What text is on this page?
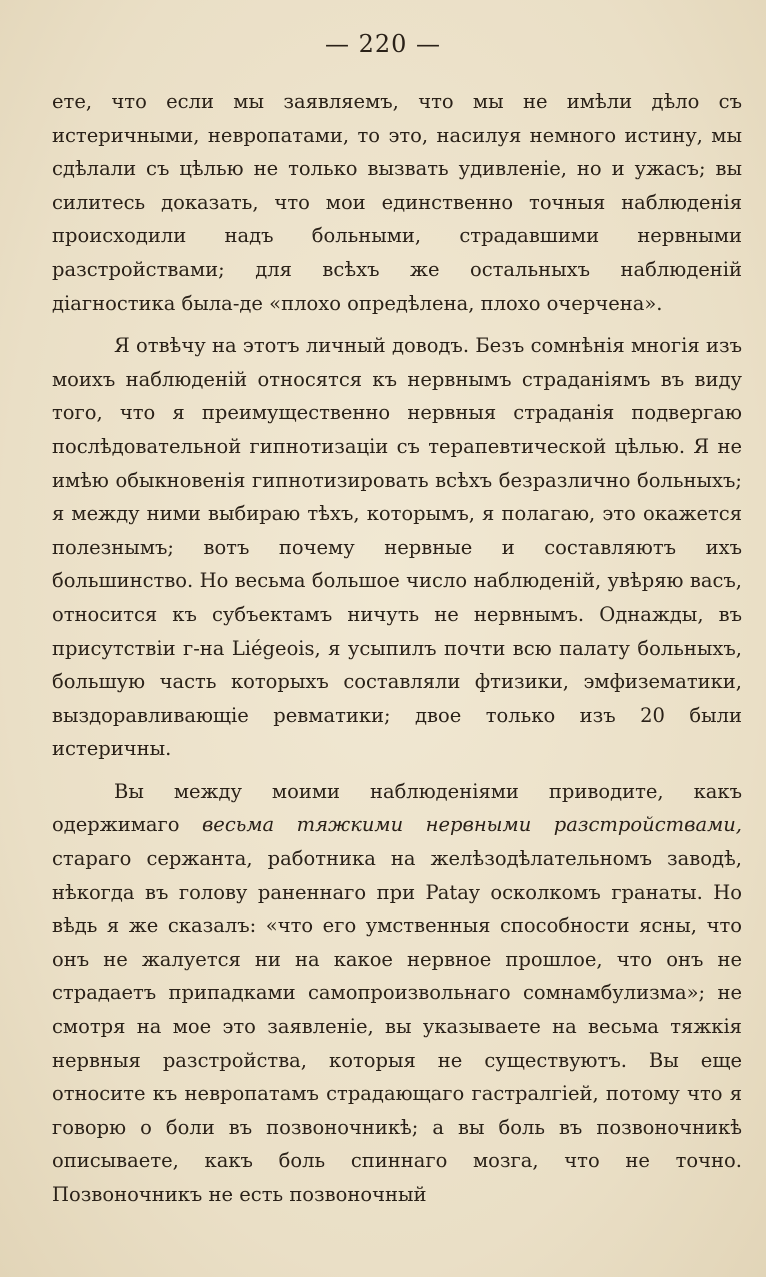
— 220 —

ете, что если мы заявляемъ, что мы не имѣли дѣло съ истеричными, невропатами, то это, насилуя немного истину, мы сдѣлали съ цѣлью не только вызвать удивленіе, но и ужасъ; вы силитесь доказать, что мои единственно точныя наблюденія происходили надъ больными, страдавшими нервными разстройствами; для всѣхъ же остальныхъ наблюденій діагностика была-де «плохо опредѣлена, плохо очерчена».

Я отвѣчу на этотъ личный доводъ. Безъ сомнѣнія многія изъ моихъ наблюденій относятся къ нервнымъ страданіямъ въ виду того, что я преимущественно нервныя страданія подвергаю послѣдовательной гипнотизаціи съ терапевтической цѣлью. Я не имѣю обыкновенія гипнотизировать всѣхъ безразлично больныхъ; я между ними выбираю тѣхъ, которымъ, я полагаю, это окажется полезнымъ; вотъ почему нервные и составляютъ ихъ большинство. Но весьма большое число наблюденій, увѣряю васъ, относится къ субъектамъ ничуть не нервнымъ. Однажды, въ присутствіи г-на Liégeois, я усыпилъ почти всю палату больныхъ, большую часть которыхъ составляли фтизики, эмфизематики, выздоравливающіе ревматики; двое только изъ 20 были истеричны.

Вы между моими наблюденіями приводите, какъ одержимаго весьма тяжкими нервными разстройствами, стараго сержанта, работника на желѣзодѣлательномъ заводѣ, нѣкогда въ голову раненнаго при Patay осколкомъ гранаты. Но вѣдь я же сказалъ: «что его умственныя способности ясны, что онъ не жалуется ни на какое нервное прошлое, что онъ не страдаетъ припадками самопроизвольнаго сомнамбулизма»; не смотря на мое это заявленіе, вы указываете на весьма тяжкія нервныя разстройства, которыя не существуютъ. Вы еще относите къ невропатамъ страдающаго гастралгіей, потому что я говорю о боли въ позвоночникѣ; а вы боль въ позвоночникѣ описываете, какъ боль спиннаго мозга, что не точно. Позвоночникъ не есть позвоночный
